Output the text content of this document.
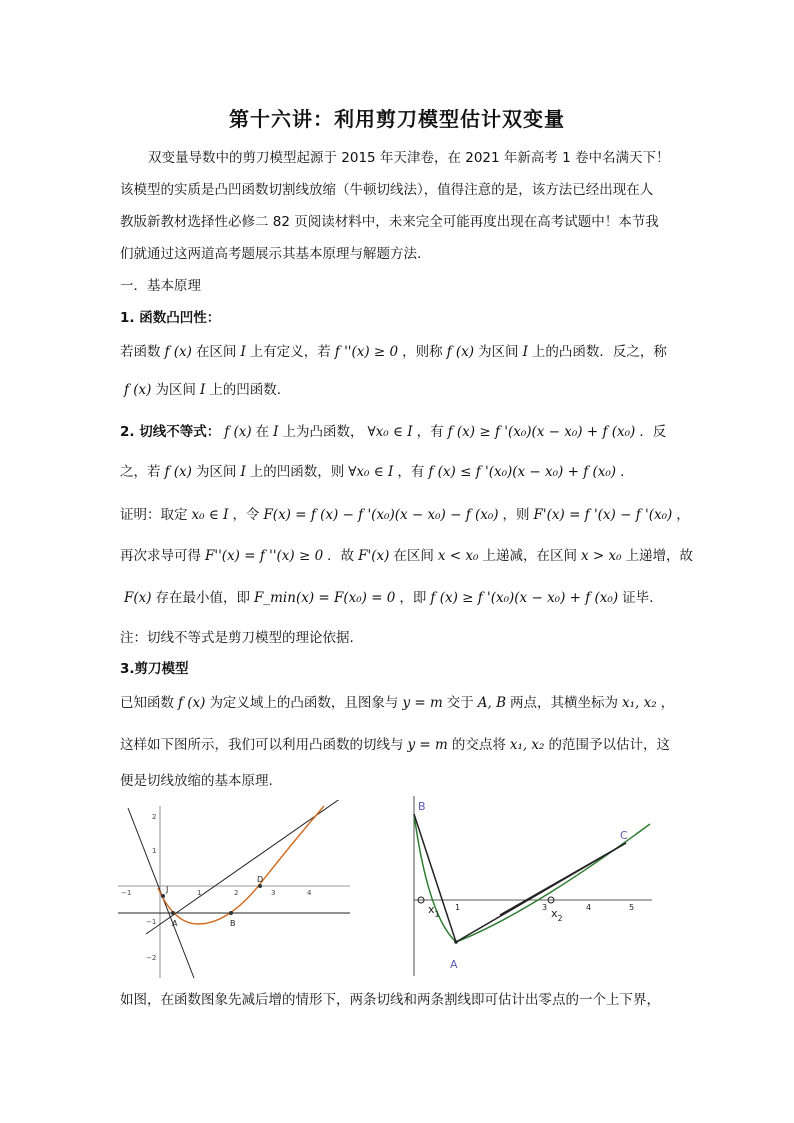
第十六讲：利用剪刀模型估计双变量
双变量导数中的剪刀模型起源于 2015 年天津卷，在 2021 年新高考 1 卷中名满天下！
该模型的实质是凸凹函数切割线放缩（牛顿切线法），值得注意的是，该方法已经出现在人
教版新教材选择性必修二 82 页阅读材料中，未来完全可能再度出现在高考试题中！本节我
们就通过这两道高考题展示其基本原理与解题方法.
一．基本原理
1. 函数凸凹性：
若函数 f (x) 在区间 I 上有定义，若 f ''(x) ≥ 0 ，则称 f (x) 为区间 I 上的凸函数．反之，称
f (x) 为区间 I 上的凹函数.
2. 切线不等式： f (x) 在 I 上为凸函数， ∀x₀ ∈ I ，有 f (x) ≥ f '(x₀)(x − x₀) + f (x₀) ．反
之，若 f (x) 为区间 I 上的凹函数，则 ∀x₀ ∈ I ，有 f (x) ≤ f '(x₀)(x − x₀) + f (x₀) .
证明：取定 x₀ ∈ I ，令 F(x) = f (x) − f '(x₀)(x − x₀) − f (x₀) ，则 F'(x) = f '(x) − f '(x₀) ，
再次求导可得 F''(x) = f ''(x) ≥ 0 ．故 F'(x) 在区间 x < x₀ 上递减，在区间 x > x₀ 上递增，故
F(x) 存在最小值，即 F_min(x) = F(x₀) = 0 ，即 f (x) ≥ f '(x₀)(x − x₀) + f (x₀) 证毕.
注：切线不等式是剪刀模型的理论依据.
3.剪刀模型
已知函数 f (x) 为定义域上的凸函数，且图象与 y = m 交于 A, B 两点，其横坐标为 x₁, x₂ ，
这样如下图所示，我们可以利用凸函数的切线与 y = m 的交点将 x₁, x₂ 的范围予以估计，这
便是切线放缩的基本原理.
−1	1	2	3	4
2
1
−1
−2
J
A	B
D
1	3	4	5
B
A
C
$x_1$	$x_2$
如图，在函数图象先减后增的情形下，两条切线和两条割线即可估计出零点的一个上下界，
